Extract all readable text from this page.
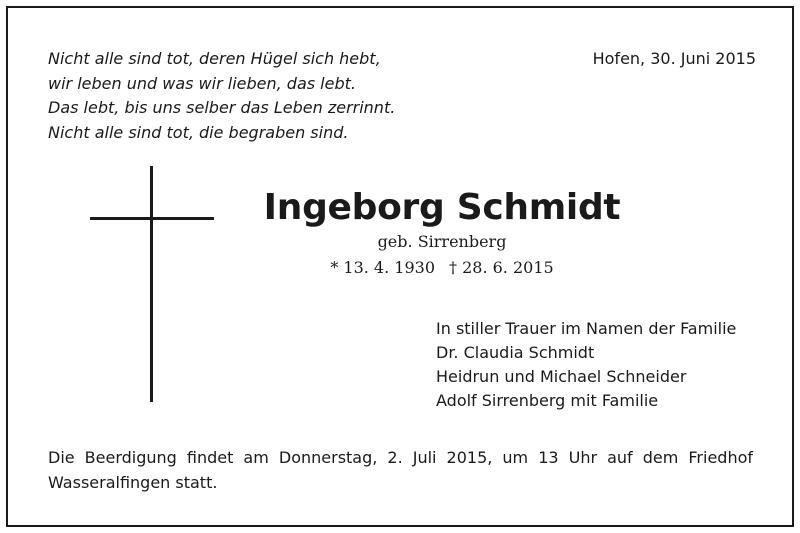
Nicht alle sind tot, deren Hügel sich hebt,
wir leben und was wir lieben, das lebt.
Das lebt, bis uns selber das Leben zerrinnt.
Nicht alle sind tot, die begraben sind.
Hofen, 30. Juni 2015
Ingeborg Schmidt
geb. Sirrenberg
* 13. 4. 1930 † 28. 6. 2015
In stiller Trauer im Namen der Familie
Dr. Claudia Schmidt
Heidrun und Michael Schneider
Adolf Sirrenberg mit Familie
Die Beerdigung findet am Donnerstag, 2. Juli 2015, um 13 Uhr auf dem Friedhof Wasseralfingen statt.
